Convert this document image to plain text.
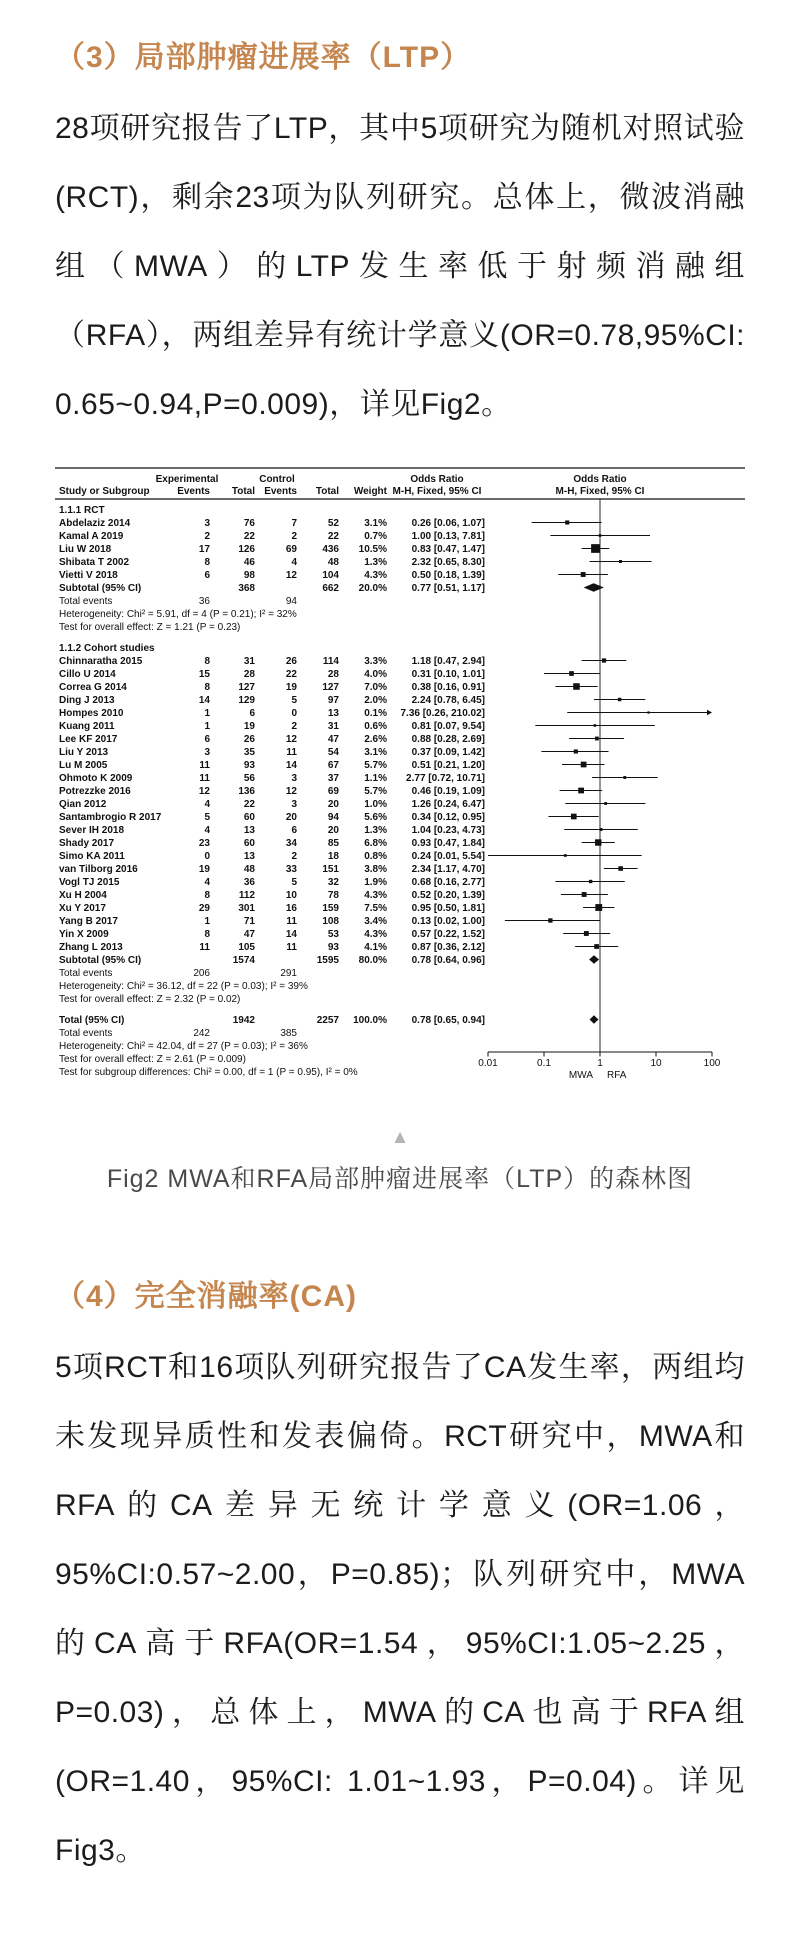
（3）局部肿瘤进展率（LTP）

28项研究报告了LTP，其中5项研究为随机对照试验(RCT)，剩余23项为队列研究。总体上，微波消融组（MWA）的LTP发生率低于射频消融组（RFA），两组差异有统计学意义(OR=0.78,95%CI: 0.65~0.94,P=0.009)，详见Fig2。

Experimental	Control	Odds Ratio	Odds Ratio
Study or Subgroup	Events Total Events Total Weight M-H, Fixed, 95% CI	M-H, Fixed, 95% CI
1.1.1 RCT
Abdelaziz 2014	3	76	7	52	3.1% 0.26 [0.06, 1.07]
Kamal A 2019	2	22	2	22	0.7% 1.00 [0.13, 7.81]
Liu W 2018	17	126	69	436 10.5% 0.83 [0.47, 1.47]
Shibata T 2002	8	46	4	48	1.3% 2.32 [0.65, 8.30]
Vietti V 2018	6	98	12	104	4.3% 0.50 [0.18, 1.39]
Subtotal (95% CI)	368	662 20.0% 0.77 [0.51, 1.17]
Total events	36	94
Heterogeneity: Chi² = 5.91, df = 4 (P = 0.21); I² = 32%
Test for overall effect: Z = 1.21 (P = 0.23)
1.1.2 Cohort studies
Chinnaratha 2015	8	31	26	114	3.3% 1.18 [0.47, 2.94]
Cillo U 2014	15	28	22	28	4.0% 0.31 [0.10, 1.01]
Correa G 2014	8	127	19	127	7.0% 0.38 [0.16, 0.91]
Ding J 2013	14	129	5	97	2.0% 2.24 [0.78, 6.45]
Hompes 2010	1	6	0	13	0.1% 7.36 [0.26, 210.02]
Kuang 2011	1	19	2	31	0.6% 0.81 [0.07, 9.54]
Lee KF 2017	6	26	12	47	2.6% 0.88 [0.28, 2.69]
Liu Y 2013	3	35	11	54	3.1% 0.37 [0.09, 1.42]
Lu M 2005	11	93	14	67	5.7% 0.51 [0.21, 1.20]
Ohmoto K 2009	11	56	3	37	1.1% 2.77 [0.72, 10.71]
Potrezzke 2016	12	136	12	69	5.7% 0.46 [0.19, 1.09]
Qian 2012	4	22	3	20	1.0% 1.26 [0.24, 6.47]
Santambrogio R 2017	5	60	20	94	5.6% 0.34 [0.12, 0.95]
Sever IH 2018	4	13	6	20	1.3% 1.04 [0.23, 4.73]
Shady 2017	23	60	34	85	6.8% 0.93 [0.47, 1.84]
Simo KA 2011	0	13	2	18	0.8% 0.24 [0.01, 5.54]
van Tilborg 2016	19	48	33	151	3.8% 2.34 [1.17, 4.70]
Vogl TJ 2015	4	36	5	32	1.9% 0.68 [0.16, 2.77]
Xu H 2004	8	112	10	78	4.3% 0.52 [0.20, 1.39]
Xu Y 2017	29	301	16	159	7.5% 0.95 [0.50, 1.81]
Yang B 2017	1	71	11	108	3.4% 0.13 [0.02, 1.00]
Yin X 2009	8	47	14	53	4.3% 0.57 [0.22, 1.52]
Zhang L 2013	11	105	11	93	4.1% 0.87 [0.36, 2.12]
Subtotal (95% CI)	1574	1595 80.0% 0.78 [0.64, 0.96]
Total events	206	291
Heterogeneity: Chi² = 36.12, df = 22 (P = 0.03); I² = 39%
Test for overall effect: Z = 2.32 (P = 0.02)
Total (95% CI)	1942	2257 100.0% 0.78 [0.65, 0.94]
Total events	242	385
Heterogeneity: Chi² = 42.04, df = 27 (P = 0.03); I² = 36%
Test for overall effect: Z = 2.61 (P = 0.009)
Test for subgroup differences: Chi² = 0.00, df = 1 (P = 0.95), I² = 0%
0.01	0.1	1	10	100
MWA RFA
▲
Fig2 MWA和RFA局部肿瘤进展率（LTP）的森林图
（4）完全消融率(CA)

5项RCT和16项队列研究报告了CA发生率，两组均未发现异质性和发表偏倚。RCT研究中，MWA和RFA的CA差异无统计学意义(OR=1.06，95%CI:0.57~2.00，P=0.85)；队列研究中，MWA的CA高于RFA(OR=1.54，95%CI:1.05~2.25，P=0.03)，总体上，MWA的CA也高于RFA组(OR=1.40，95%CI: 1.01~1.93，P=0.04)。详见Fig3。
